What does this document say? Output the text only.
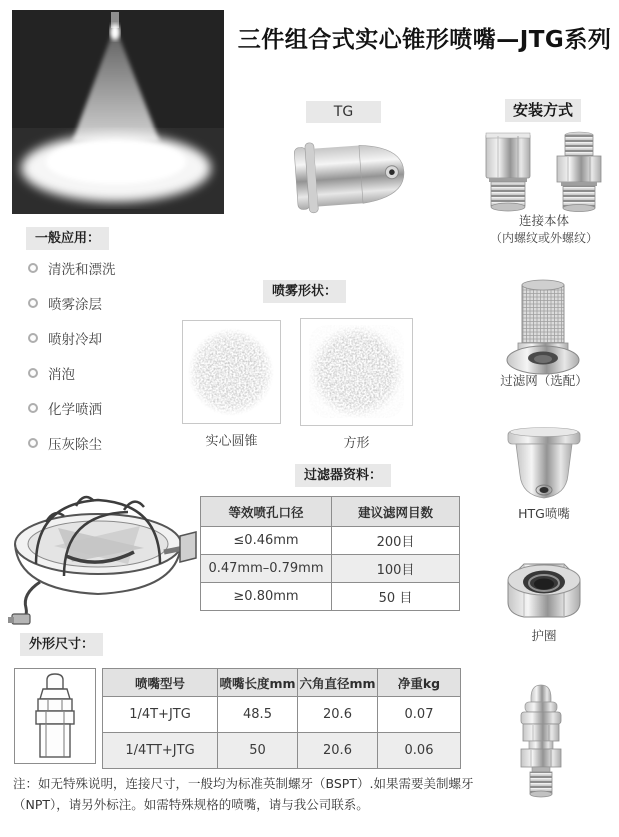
三件组合式实心锥形喷嘴—JTG系列
TG	安装方式
连接本体
（内螺纹或外螺纹）
一般应用：
清洗和漂洗
喷雾涂层
喷射冷却
消泡
化学喷洒
压灰除尘
喷雾形状：
实心圆锥	方形
过滤器资料：
等效喷孔口径	建议滤网目数
≤0.46mm	200目
0.47mm–0.79mm	100目
≥0.80mm	50 目
外形尺寸：
喷嘴型号	喷嘴长度mm	六角直径mm	净重kg
1/4T+JTG	48.5	20.6	0.07
1/4TT+JTG	50	20.6	0.06
过滤网（选配）
HTG喷嘴
护圈
注：如无特殊说明，连接尺寸，一般均为标准英制螺牙（BSPT）.如果需要美制螺牙（NPT），请另外标注。如需特殊规格的喷嘴，请与我公司联系。
